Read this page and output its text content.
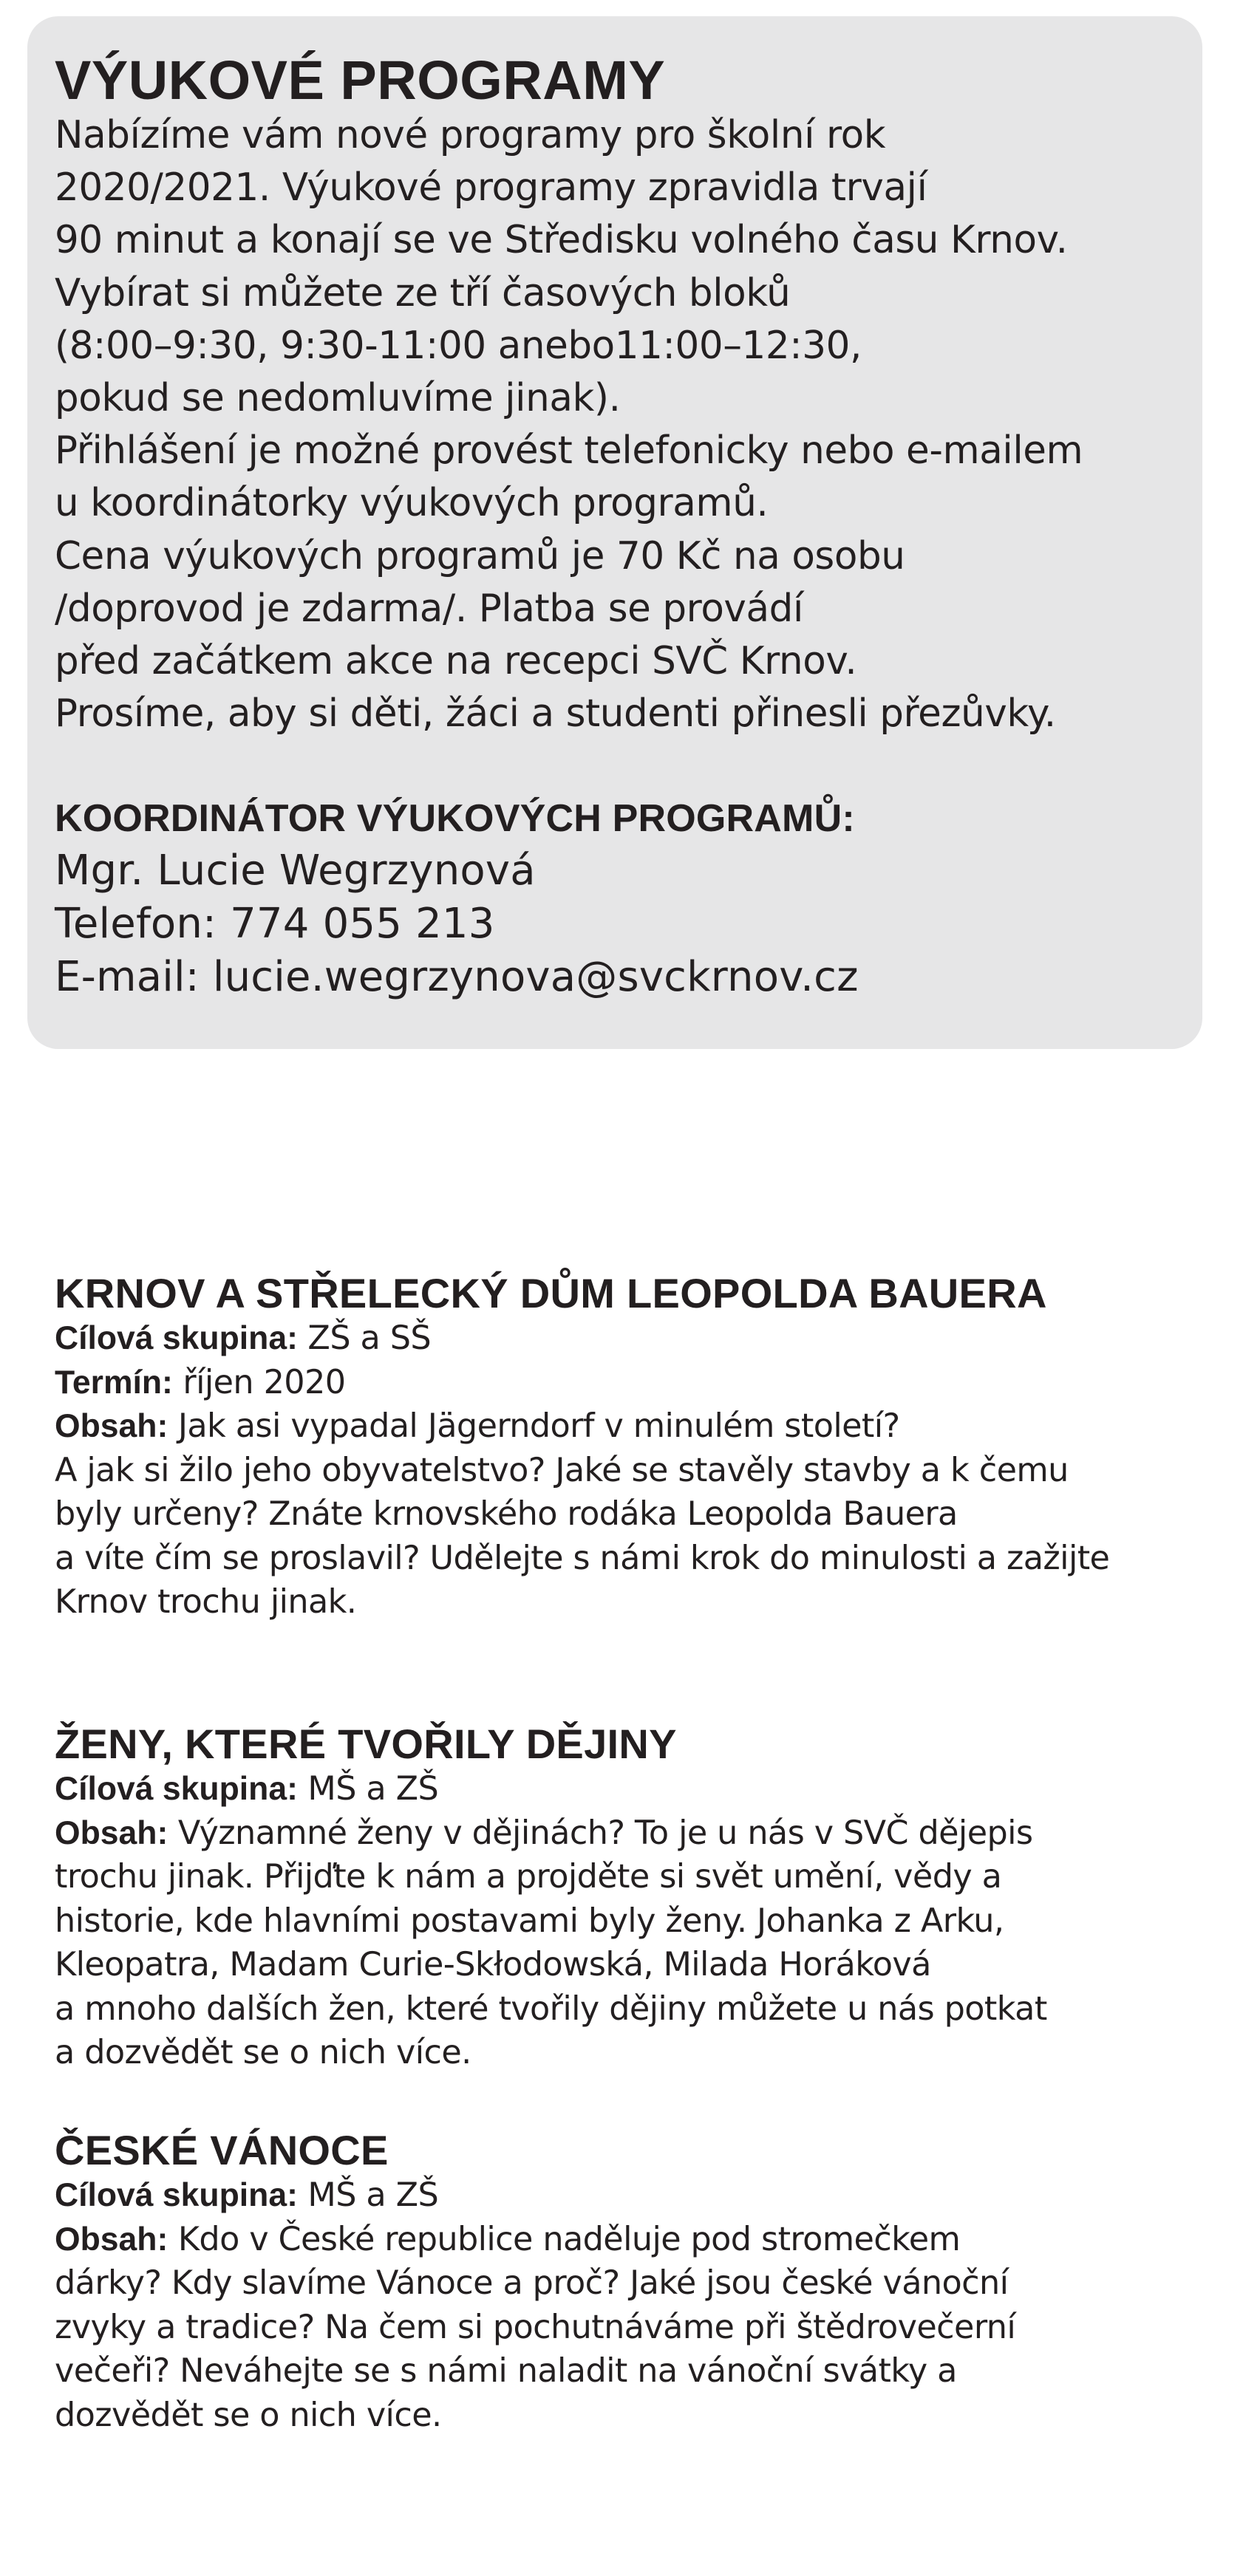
VÝUKOVÉ PROGRAMY
Nabízíme vám nové programy pro školní rok
2020/2021. Výukové programy zpravidla trvají
90 minut a konají se ve Středisku volného času Krnov.
Vybírat si můžete ze tří časových bloků
(8:00–9:30, 9:30-11:00 anebo11:00–12:30,
pokud se nedomluvíme jinak).
Přihlášení je možné provést telefonicky nebo e-mailem
u koordinátorky výukových programů.
Cena výukových programů je 70 Kč na osobu
/doprovod je zdarma/. Platba se provádí
před začátkem akce na recepci SVČ Krnov.
Prosíme, aby si děti, žáci a studenti přinesli přezůvky.
KOORDINÁTOR VÝUKOVÝCH PROGRAMŮ:
Mgr. Lucie Wegrzynová
Telefon: 774 055 213
E-mail: lucie.wegrzynova@svckrnov.cz
KRNOV A STŘELECKÝ DŮM LEOPOLDA BAUERA
Cílová skupina: ZŠ a SŠ
Termín: říjen 2020
Obsah: Jak asi vypadal Jägerndorf v minulém století?
A jak si žilo jeho obyvatelstvo? Jaké se stavěly stavby a k čemu
byly určeny? Znáte krnovského rodáka Leopolda Bauera
a víte čím se proslavil? Udělejte s námi krok do minulosti a zažijte
Krnov trochu jinak.
ŽENY, KTERÉ TVOŘILY DĚJINY
Cílová skupina: MŠ a ZŠ
Obsah: Významné ženy v dějinách? To je u nás v SVČ dějepis
trochu jinak. Přijďte k nám a projděte si svět umění, vědy a
historie, kde hlavními postavami byly ženy. Johanka z Arku,
Kleopatra, Madam Curie-Skłodowská, Milada Horáková
a mnoho dalších žen, které tvořily dějiny můžete u nás potkat
a dozvědět se o nich více.
ČESKÉ VÁNOCE
Cílová skupina: MŠ a ZŠ
Obsah: Kdo v České republice naděluje pod stromečkem
dárky? Kdy slavíme Vánoce a proč? Jaké jsou české vánoční
zvyky a tradice? Na čem si pochutnáváme při štědrovečerní
večeři? Neváhejte se s námi naladit na vánoční svátky a
dozvědět se o nich více.
